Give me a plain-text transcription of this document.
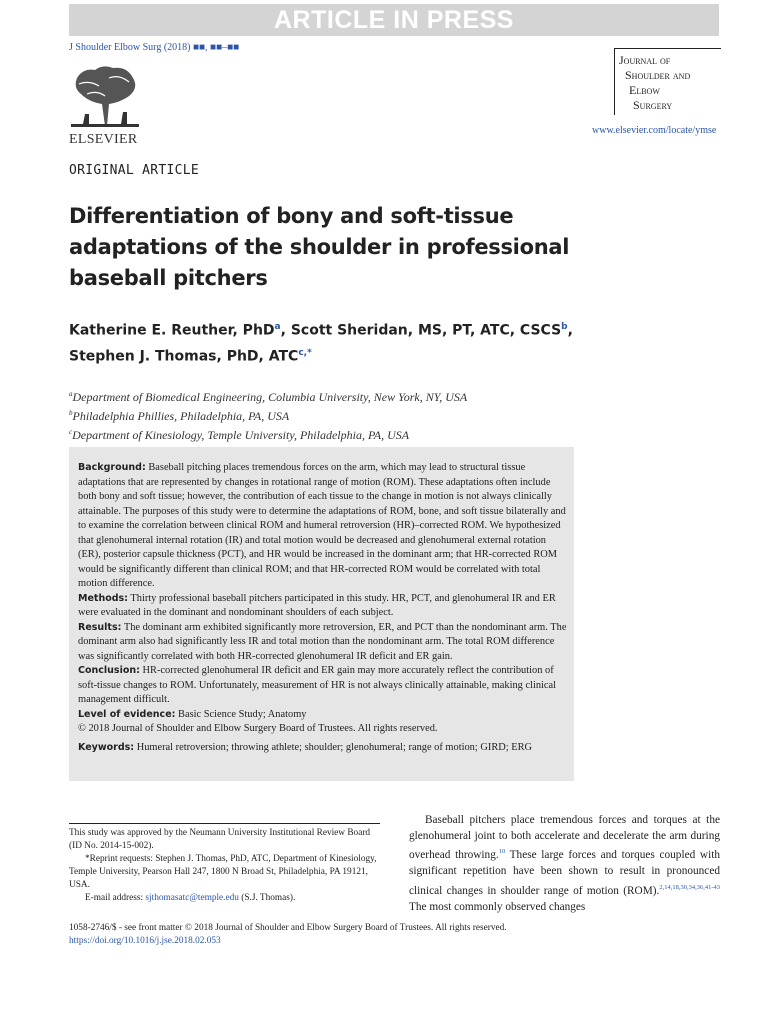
ARTICLE IN PRESS
J Shoulder Elbow Surg (2018) ■■, ■■–■■
ELSEVIER
Journal of
Shoulder and
Elbow
Surgery
www.elsevier.com/locate/ymse
ORIGINAL ARTICLE
Differentiation of bony and soft-tissue adaptations of the shoulder in professional baseball pitchers
Katherine E. Reuther, PhD$^a$, Scott Sheridan, MS, PT, ATC, CSCS$^b$,
Stephen J. Thomas, PhD, $ATC^{c,*}$
$^a$Department of Biomedical Engineering, Columbia University, New York, NY, USA
$^b$Philadelphia Phillies, Philadelphia, PA, USA
$^c$Department of Kinesiology, Temple University, Philadelphia, PA, USA

Background: Baseball pitching places tremendous forces on the arm, which may lead to structural tissue adaptations that are represented by changes in rotational range of motion (ROM). These adaptations often include both bony and soft tissue; however, the contribution of each tissue to the change in motion is not always clinically attainable. The purposes of this study were to determine the adaptations of ROM, bone, and soft tissue bilaterally and to examine the correlation between clinical ROM and humeral retroversion (HR)–corrected ROM. We hypothesized that glenohumeral internal rotation (IR) and total motion would be decreased and glenohumeral external rotation (ER), posterior capsule thickness (PCT), and HR would be increased in the dominant arm; that HR-corrected ROM would be significantly different than clinical ROM; and that HR-corrected ROM would be correlated with total motion difference.

Methods: Thirty professional baseball pitchers participated in this study. HR, PCT, and glenohumeral IR and ER were evaluated in the dominant and nondominant shoulders of each subject.

Results: The dominant arm exhibited significantly more retroversion, ER, and PCT than the nondominant arm. The dominant arm also had significantly less IR and total motion than the nondominant arm. The total ROM difference was significantly correlated with both HR-corrected glenohumeral IR deficit and ER gain.

Conclusion: HR-corrected glenohumeral IR deficit and ER gain may more accurately reflect the contribution of soft-tissue changes to ROM. Unfortunately, measurement of HR is not always clinically attainable, making clinical management difficult.

Level of evidence: Basic Science Study; Anatomy

© 2018 Journal of Shoulder and Elbow Surgery Board of Trustees. All rights reserved.

Keywords: Humeral retroversion; throwing athlete; shoulder; glenohumeral; range of motion; GIRD; ERG

This study was approved by the Neumann University Institutional Review Board (ID No. 2014-15-002).

*Reprint requests: Stephen J. Thomas, PhD, ATC, Department of Kinesiology, Temple University, Pearson Hall 247, 1800 N Broad St, Philadelphia, PA 19121, USA.

E-mail address: sjthomasatc@temple.edu (S.J. Thomas).

Baseball pitchers place tremendous forces and torques at the glenohumeral joint to both accelerate and decelerate the arm during overhead throwing.$^{10}$ These large forces and torques coupled with significant repetition have been shown to result in pronounced clinical changes in shoulder range of motion (ROM).$^{2,14,18,30,34,36,41-43}$ The most commonly observed changes
1058-2746/$ - see front matter © 2018 Journal of Shoulder and Elbow Surgery Board of Trustees. All rights reserved.
https://doi.org/10.1016/j.jse.2018.02.053
